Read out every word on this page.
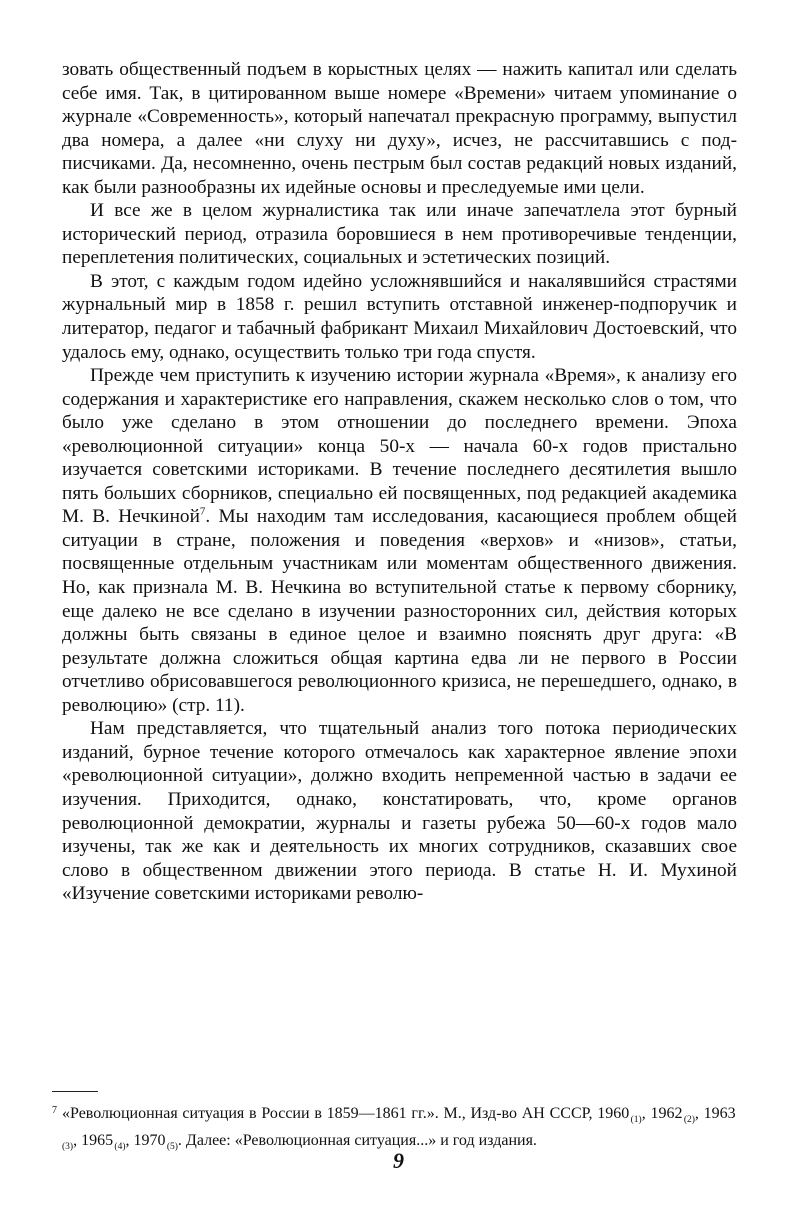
зовать общественный подъем в корыстных целях — нажить капитал или сделать себе имя. Так, в цитированном выше номере «Времени» читаем упоминание о журнале «Современность», который напечатал прекрасную программу, выпустил два номера, а далее «ни слуху ни духу», исчез, не рассчитавшись с подписчиками. Да, несомненно, очень пестрым был состав редакций новых изданий, как были разнообразны их идейные основы и преследуемые ими цели.

И все же в целом журналистика так или иначе запечатлела этот бурный исторический период, отразила боровшиеся в нем противоречивые тенденции, переплетения политических, социальных и эстетических позиций.

В этот, с каждым годом идейно усложнявшийся и накалявшийся страстями журнальный мир в 1858 г. решил вступить отставной инженер-подпоручик и литератор, педагог и табачный фабрикант Михаил Михайлович Достоевский, что удалось ему, однако, осуществить только три года спустя.

Прежде чем приступить к изучению истории журнала «Время», к анализу его содержания и характеристике его направления, скажем несколько слов о том, что было уже сделано в этом отношении до последнего времени. Эпоха «революционной ситуации» конца 50-х — начала 60-х годов пристально изучается советскими историками. В течение последнего десятилетия вышло пять больших сборников, специально ей посвященных, под редакцией академика М. В. Нечкиной$^7$. Мы находим там исследования, касающиеся проблем общей ситуации в стране, положения и поведения «верхов» и «низов», статьи, посвященные отдельным участникам или моментам общественного движения. Но, как признала М. В. Нечкина во вступительной статье к первому сборнику, еще далеко не все сделано в изучении разносторонних сил, действия которых должны быть связаны в единое целое и взаимно пояснять друг друга: «В результате должна сложиться общая картина едва ли не первого в России отчетливо обрисовавшегося революционного кризиса, не перешедшего, однако, в революцию» (стр. 11).

Нам представляется, что тщательный анализ того потока периодических изданий, бурное течение которого отмечалось как характерное явление эпохи «революционной ситуации», должно входить непременной частью в задачи ее изучения. Приходится, однако, констатировать, что, кроме органов революционной демократии, журналы и газеты рубежа 50—60-х годов мало изучены, так же как и деятельность их многих сотрудников, сказавших свое слово в общественном движении этого периода. В статье Н. И. Мухиной «Изучение советскими историками револю-

7 «Революционная ситуация в России в 1859—1861 гг.». М., Изд-во АН СССР, 1960 $_{(1)}$, 1962 $_{(2)}$, 1963 $_{(3)}$, 1965 $_{(4)}$, 1970 $_{(5)}$. Далее: «Революционная ситуация...» и год издания.

9
